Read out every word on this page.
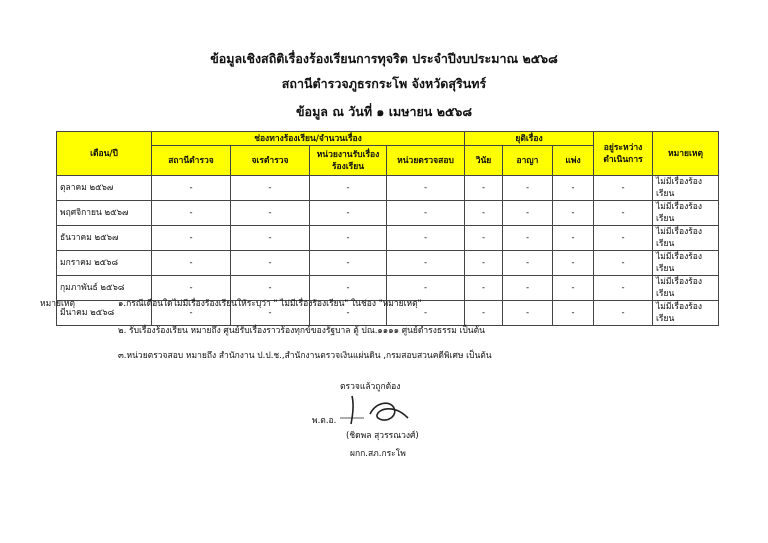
ข้อมูลเชิงสถิติเรื่องร้องเรียนการทุจริต ประจำปีงบประมาณ ๒๕๖๘
สถานีตำรวจภูธรกระโพ จังหวัดสุรินทร์
ข้อมูล ณ วันที่ ๑ เมษายน ๒๕๖๘
เดือน/ปี	ช่องทางร้องเรียน/จำนวนเรื่อง				ยุติเรื่อง			อยู่ระหว่างดำเนินการ	หมายเหตุ
	สถานีตำรวจ	จเรตำรวจ	หน่วยงานรับเรื่องร้องเรียน	หน่วยตรวจสอบ	วินัย	อาญา	แพ่ง		
ตุลาคม ๒๕๖๗	-	-	-	-	-	-	-	-	ไม่มีเรื่องร้องเรียน
พฤศจิกายน ๒๕๖๗	-	-	-	-	-	-	-	-	ไม่มีเรื่องร้องเรียน
ธันวาคม ๒๕๖๗	-	-	-	-	-	-	-	-	ไม่มีเรื่องร้องเรียน
มกราคม ๒๕๖๘	-	-	-	-	-	-	-	-	ไม่มีเรื่องร้องเรียน
กุมภาพันธ์ ๒๕๖๘	-	-	-	-	-	-	-	-	ไม่มีเรื่องร้องเรียน
มีนาคม ๒๕๖๘	-	-	-	-	-	-	-	-	ไม่มีเรื่องร้องเรียน
หมายเหตุ	๑.กรณีเดือนใดไม่มีเรื่องร้องเรียนให้ระบุว่า " ไม่มีเรื่องร้องเรียน" ในช่อง "หมายเหตุ"
๒. รับเรื่องร้องเรียน หมายถึง ศูนย์รับเรื่องราวร้องทุกข์ของรัฐบาล ตู้ ปณ.๑๑๑๑ ศูนย์ดำรงธรรม เป็นต้น
๓.หน่วยตรวจสอบ หมายถึง สำนักงาน ป.ป.ช.,สำนักงานตรวจเงินแผ่นดิน ,กรมสอบสวนคดีพิเศษ เป็นต้น
ตรวจแล้วถูกต้อง
พ.ต.อ.
(ชิดพล สุวรรณวงศ์)
ผกก.สภ.กระโพ
